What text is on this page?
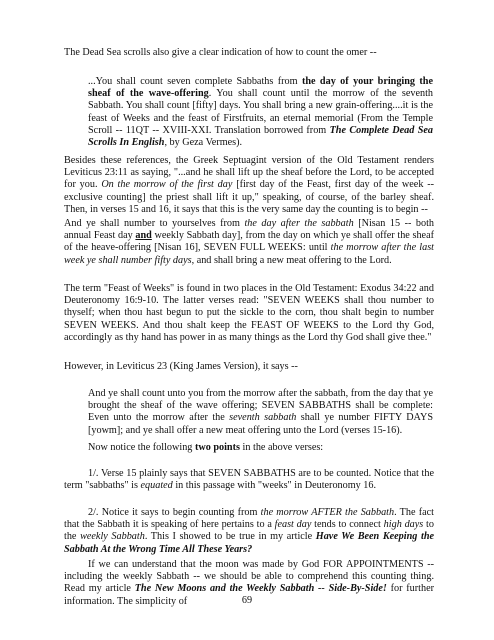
The Dead Sea scrolls also give a clear indication of how to count the omer --

...You shall count seven complete Sabbaths from the day of your bringing the sheaf of the wave-offering. You shall count until the morrow of the seventh Sabbath. You shall count [fifty] days. You shall bring a new grain-offering....it is the feast of Weeks and the feast of Firstfruits, an eternal memorial (From the Temple Scroll -- 11QT -- XVIII-XXI. Translation borrowed from The Complete Dead Sea Scrolls In English, by Geza Vermes).

Besides these references, the Greek Septuagint version of the Old Testament renders Leviticus 23:11 as saying, "...and he shall lift up the sheaf before the Lord, to be accepted for you. On the morrow of the first day [first day of the Feast, first day of the week -- exclusive counting] the priest shall lift it up," speaking, of course, of the barley sheaf. Then, in verses 15 and 16, it says that this is the very same day the counting is to begin --

And ye shall number to yourselves from the day after the sabbath [Nisan 15 -- both annual Feast day and weekly Sabbath day], from the day on which ye shall offer the sheaf of the heave-offering [Nisan 16], SEVEN FULL WEEKS: until the morrow after the last week ye shall number fifty days, and shall bring a new meat offering to the Lord.

The term "Feast of Weeks" is found in two places in the Old Testament: Exodus 34:22 and Deuteronomy 16:9-10. The latter verses read: "SEVEN WEEKS shall thou number to thyself; when thou hast begun to put the sickle to the corn, thou shalt begin to number SEVEN WEEKS. And thou shalt keep the FEAST OF WEEKS to the Lord thy God, accordingly as thy hand has power in as many things as the Lord thy God shall give thee."

However, in Leviticus 23 (King James Version), it says --

And ye shall count unto you from the morrow after the sabbath, from the day that ye brought the sheaf of the wave offering; SEVEN SABBATHS shall be complete: Even unto the morrow after the seventh sabbath shall ye number FIFTY DAYS [yowm]; and ye shall offer a new meat offering unto the Lord (verses 15-16).

Now notice the following two points in the above verses:

1/. Verse 15 plainly says that SEVEN SABBATHS are to be counted. Notice that the term "sabbaths" is equated in this passage with "weeks" in Deuteronomy 16.

2/. Notice it says to begin counting from the morrow AFTER the Sabbath. The fact that the Sabbath it is speaking of here pertains to a feast day tends to connect high days to the weekly Sabbath. This I showed to be true in my article Have We Been Keeping the Sabbath At the Wrong Time All These Years?

If we can understand that the moon was made by God FOR APPOINTMENTS -- including the weekly Sabbath -- we should be able to comprehend this counting thing. Read my article The New Moons and the Weekly Sabbath -- Side-By-Side! for further information. The simplicity of	69
